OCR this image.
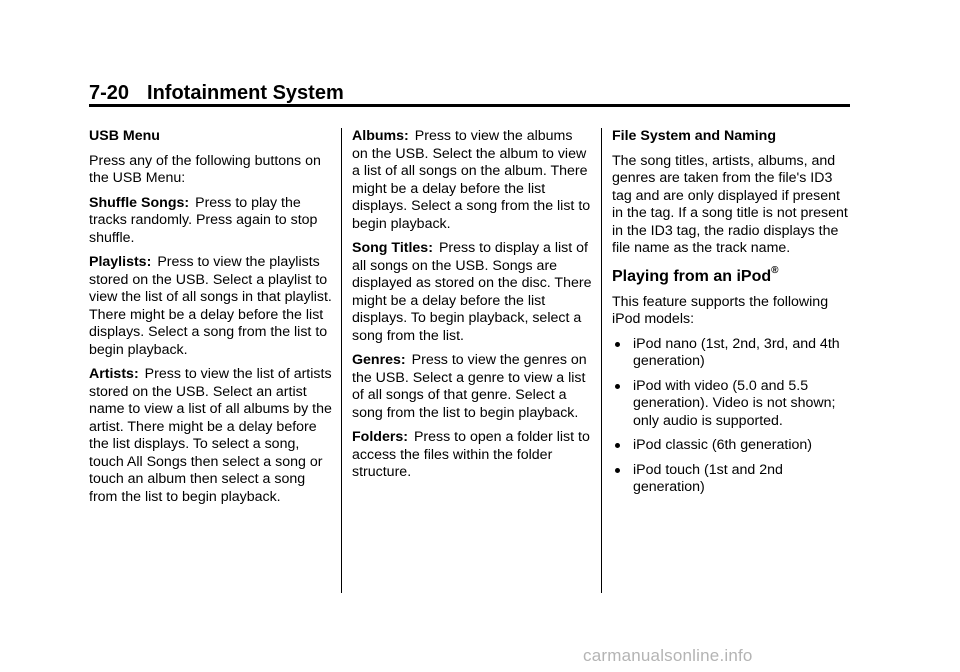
7-20 Infotainment System

USB Menu

Press any of the following buttons on the USB Menu:

Shuffle Songs: Press to play the tracks randomly. Press again to stop shuffle.

Playlists: Press to view the playlists stored on the USB. Select a playlist to view the list of all songs in that playlist. There might be a delay before the list displays. Select a song from the list to begin playback.

Artists: Press to view the list of artists stored on the USB. Select an artist name to view a list of all albums by the artist. There might be a delay before the list displays. To select a song, touch All Songs then select a song or touch an album then select a song from the list to begin playback.

Albums: Press to view the albums on the USB. Select the album to view a list of all songs on the album. There might be a delay before the list displays. Select a song from the list to begin playback.

Song Titles: Press to display a list of all songs on the USB. Songs are displayed as stored on the disc. There might be a delay before the list displays. To begin playback, select a song from the list.

Genres: Press to view the genres on the USB. Select a genre to view a list of all songs of that genre. Select a song from the list to begin playback.

Folders: Press to open a folder list to access the files within the folder structure.

File System and Naming

The song titles, artists, albums, and genres are taken from the file's ID3 tag and are only displayed if present in the tag. If a song title is not present in the ID3 tag, the radio displays the file name as the track name.

Playing from an iPod®

This feature supports the following iPod models:

iPod nano (1st, 2nd, 3rd, and 4th generation)
iPod with video (5.0 and 5.5 generation). Video is not shown; only audio is supported.
iPod classic (6th generation)
iPod touch (1st and 2nd generation)
carmanualsonline.info
